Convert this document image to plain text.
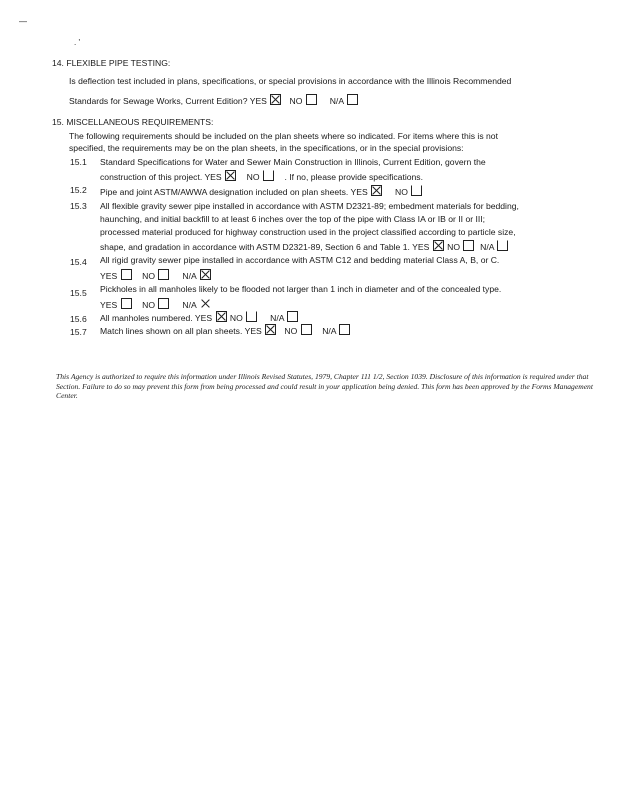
—
. '
14. FLEXIBLE PIPE TESTING:
Is deflection test included in plans, specifications, or special provisions in accordance with the Illinois Recommended
Standards for Sewage Works, Current Edition? YES	NO	N/A
15. MISCELLANEOUS REQUIREMENTS:
The following requirements should be included on the plan sheets where so indicated. For items where this is not
specified, the requirements may be on the plan sheets, in the specifications, or in the special provisions:
15.1 Standard Specifications for Water and Sewer Main Construction in Illinois, Current Edition, govern the
construction of this project. YES	NO	. If no, please provide specifications.
15.2 Pipe and joint ASTM/AWWA designation included on plan sheets. YES	NO
15.3 All flexible gravity sewer pipe installed in accordance with ASTM D2321-89; embedment materials for bedding,
haunching, and initial backfill to at least 6 inches over the top of the pipe with Class IA or IB or II or III;
processed material produced for highway construction used in the project classified according to particle size,
shape, and gradation in accordance with ASTM D2321-89, Section 6 and Table 1. YES NO N/A
15.4 All rigid gravity sewer pipe installed in accordance with ASTM C12 and bedding material Class A, B, or C.
YES	NO	N/A
15.5 Pickholes in all manholes likely to be flooded not larger than 1 inch in diameter and of the concealed type.
YES	NO	N/A
15.6 All manholes numbered. YES NO	N/A
15.7 Match lines shown on all plan sheets. YES	NO	N/A
This Agency is authorized to require this information under Illinois Revised Statutes, 1979, Chapter 111 1/2, Section 1039. Disclosure of this information is required under that Section. Failure to do so may prevent this form from being processed and could result in your application being denied. This form has been approved by the Forms Management Center.
